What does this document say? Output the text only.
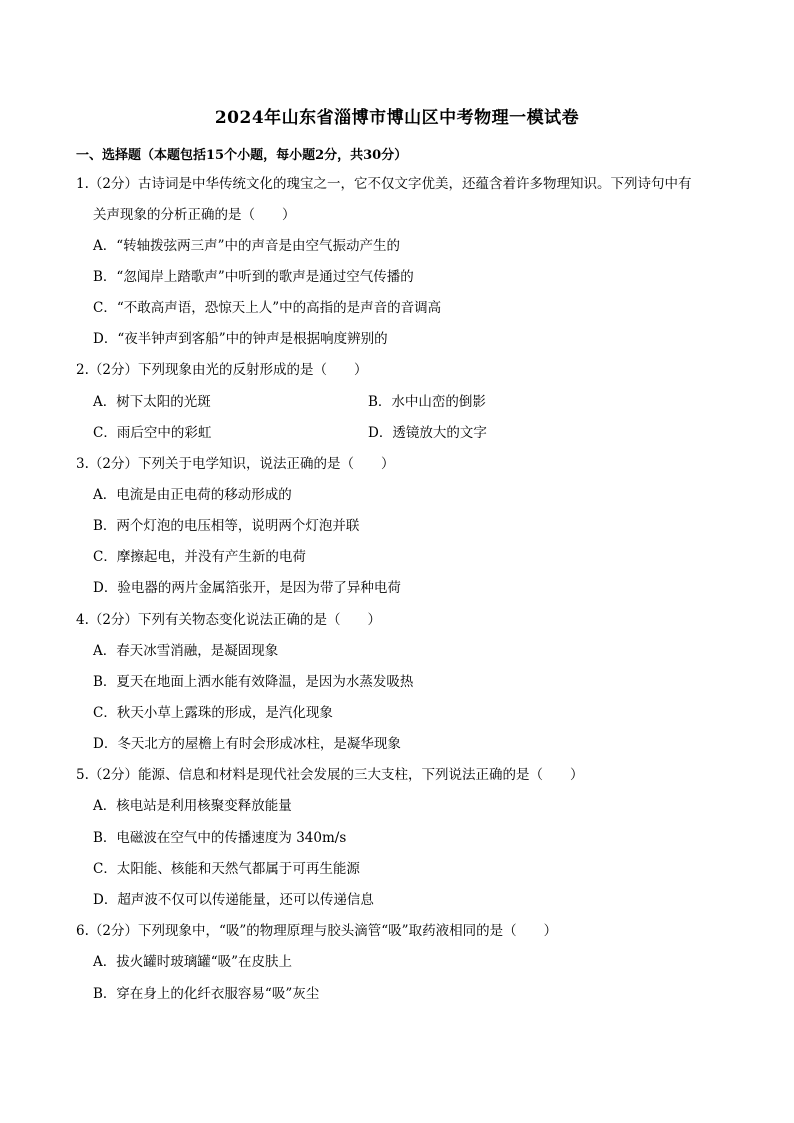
2024年山东省淄博市博山区中考物理一模试卷
一、选择题（本题包括15个小题，每小题2分，共30分）
1.（2分）古诗词是中华传统文化的瑰宝之一，它不仅文字优美，还蕴含着许多物理知识。下列诗句中有
关声现象的分析正确的是（　　）
A．“转轴拨弦两三声”中的声音是由空气振动产生的
B．“忽闻岸上踏歌声”中听到的歌声是通过空气传播的
C．“不敢高声语，恐惊天上人”中的高指的是声音的音调高
D．“夜半钟声到客船”中的钟声是根据响度辨别的
2.（2分）下列现象由光的反射形成的是（　　）
A．树下太阳的光斑	B．水中山峦的倒影
C．雨后空中的彩虹	D．透镜放大的文字
3.（2分）下列关于电学知识，说法正确的是（　　）
A．电流是由正电荷的移动形成的
B．两个灯泡的电压相等，说明两个灯泡并联
C．摩擦起电，并没有产生新的电荷
D．验电器的两片金属箔张开，是因为带了异种电荷
4.（2分）下列有关物态变化说法正确的是（　　）
A．春天冰雪消融，是凝固现象
B．夏天在地面上洒水能有效降温，是因为水蒸发吸热
C．秋天小草上露珠的形成，是汽化现象
D．冬天北方的屋檐上有时会形成冰柱，是凝华现象
5.（2分）能源、信息和材料是现代社会发展的三大支柱，下列说法正确的是（　　）
A．核电站是利用核聚变释放能量
B．电磁波在空气中的传播速度为 340m/s
C．太阳能、核能和天然气都属于可再生能源
D．超声波不仅可以传递能量，还可以传递信息
6.（2分）下列现象中，“吸”的物理原理与胶头滴管“吸”取药液相同的是（　　）
A．拔火罐时玻璃罐“吸”在皮肤上
B．穿在身上的化纤衣服容易“吸”灰尘
